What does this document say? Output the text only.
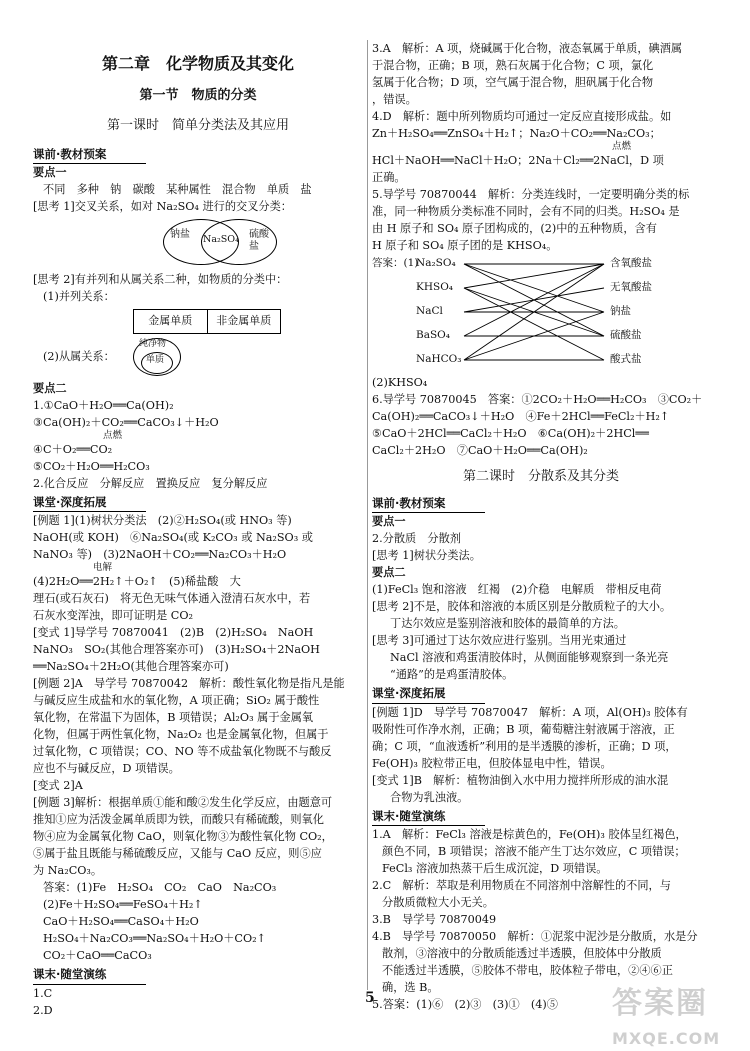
第二章　化学物质及其变化
第一节　物质的分类
第一课时　简单分类法及其应用
课前·教材预案

要点一

不同　多种　钠　碳酸　某种属性　混合物　单质　盐

[思考 1]交叉关系，如对 Na₂SO₄ 进行的交叉分类：

钠盐 Na₂SO₄ 硫酸盐

[思考 2]有并列和从属关系二种，如物质的分类中：

(1)并列关系：

金属单质	非金属单质
(2)从属关系：
纯净物
单质

要点二

1.①CaO＋H₂O══Ca(OH)₂

③Ca(OH)₂＋CO₂══CaCO₃↓＋H₂O

点燃

④C＋O₂══CO₂

⑤CO₂＋H₂O══H₂CO₃

2.化合反应　分解反应　置换反应　复分解反应

课堂·深度拓展

[例题 1](1)树状分类法　(2)②H₂SO₄(或 HNO₃ 等)

NaOH(或 KOH)　⑥Na₂SO₄(或 K₂CO₃ 或 Na₂SO₃ 或

NaNO₃ 等)　(3)2NaOH＋CO₂══Na₂CO₃＋H₂O

电解

(4)2H₂O══2H₂↑＋O₂↑　(5)稀盐酸　大

理石(或石灰石)　将无色无味气体通入澄清石灰水中，若

石灰水变浑浊，即可证明是 CO₂

[变式 1]导学号 70870041　(2)B　(2)H₂SO₄　NaOH

NaNO₃　SO₂(其他合理答案亦可)　(3)H₂SO₄＋2NaOH

══Na₂SO₄＋2H₂O(其他合理答案亦可)

[例题 2]A　导学号 70870042　解析：酸性氧化物是指凡是能

与碱反应生成盐和水的氧化物，A 项正确；SiO₂ 属于酸性

氧化物，在常温下为固体，B 项错误；Al₂O₃ 属于金属氧

化物，但属于两性氧化物，Na₂O₂ 也是金属氧化物，但属于

过氧化物，C 项错误；CO、NO 等不成盐氧化物既不与酸反

应也不与碱反应，D 项错误。

[变式 2]A

[例题 3]解析：根据单质①能和酸②发生化学反应，由题意可

推知①应为活泼金属单质即为铁，而酸只有稀硫酸，则氧化

物④应为金属氧化物 CaO，则氧化物③为酸性氧化物 CO₂，

⑤属于盐且既能与稀硫酸反应，又能与 CaO 反应，则⑤应

为 Na₂CO₃。

答案：(1)Fe　H₂SO₄　CO₂　CaO　Na₂CO₃

(2)Fe＋H₂SO₄══FeSO₄＋H₂↑

CaO＋H₂SO₄══CaSO₄＋H₂O

H₂SO₄＋Na₂CO₃══Na₂SO₄＋H₂O＋CO₂↑

CO₂＋CaO══CaCO₃

课末·随堂演练

1.C

2.D

3.A　解析：A 项，烧碱属于化合物，液态氧属于单质，碘酒属

于混合物，正确；B 项，熟石灰属于化合物；C 项，氯化

氢属于化合物；D 项，空气属于混合物，胆矾属于化合物

，错误。

4.D　解析：题中所列物质均可通过一定反应直接形成盐。如

Zn＋H₂SO₄══ZnSO₄＋H₂↑；Na₂O＋CO₂══Na₂CO₃；

点燃

HCl＋NaOH══NaCl＋H₂O；2Na＋Cl₂══2NaCl，D 项

正确。

5.导学号 70870044　解析：分类连线时，一定要明确分类的标

准，同一种物质分类标准不同时，会有不同的归类。H₂SO₄ 是

由 H 原子和 SO₄ 原子团构成的，(2)中的五种物质，含有

H 原子和 SO₄ 原子团的是 KHSO₄。

答案：(1)
Na₂SO₄
KHSO₄
NaCl
BaSO₄
NaHCO₃
含氧酸盐
无氧酸盐
钠盐
硫酸盐
酸式盐

(2)KHSO₄

6.导学号 70870045　答案：①2CO₂＋H₂O══H₂CO₃　③CO₂＋

Ca(OH)₂══CaCO₃↓＋H₂O　④Fe＋2HCl══FeCl₂＋H₂↑

⑤CaO＋2HCl══CaCl₂＋H₂O　⑥Ca(OH)₂＋2HCl══

CaCl₂＋2H₂O　⑦CaO＋H₂O══Ca(OH)₂

第二课时　分散系及其分类
课前·教材预案

要点一

2.分散质　分散剂

[思考 1]树状分类法。

要点二

(1)FeCl₃ 饱和溶液　红褐　(2)介稳　电解质　带相反电荷

[思考 2]不是，胶体和溶液的本质区别是分散质粒子的大小。

丁达尔效应是鉴别溶液和胶体的最简单的方法。

[思考 3]可通过丁达尔效应进行鉴别。当用光束通过

NaCl 溶液和鸡蛋清胶体时，从侧面能够观察到一条光亮

“通路”的是鸡蛋清胶体。

课堂·深度拓展

[例题 1]D　导学号 70870047　解析：A 项，Al(OH)₃ 胶体有

吸附性可作净水剂，正确；B 项，葡萄糖注射液属于溶液，正

确；C 项，“血液透析”利用的是半透膜的渗析，正确；D 项，

Fe(OH)₃ 胶粒带正电，但胶体显电中性，错误。

[变式 1]B　解析：植物油倒入水中用力搅拌所形成的油水混

合物为乳浊液。

课末·随堂演练

1.A　解析：FeCl₃ 溶液是棕黄色的，Fe(OH)₃ 胶体呈红褐色，

颜色不同，B 项错误；溶液不能产生丁达尔效应，C 项错误；

FeCl₃ 溶液加热蒸干后生成沉淀，D 项错误。

2.C　解析：萃取是利用物质在不同溶剂中溶解性的不同，与

分散质微粒大小无关。

3.B　导学号 70870049

4.B　导学号 70870050　解析：①泥浆中泥沙是分散质，水是分

散剂，③溶液中的分散质能透过半透膜，但胶体中分散质

不能透过半透膜，⑤胶体不带电，胶体粒子带电，②④⑥正

确，选 B。

5.答案：(1)⑥　(2)③　(3)①　(4)⑤

5	答案圈
MXQE.COM
